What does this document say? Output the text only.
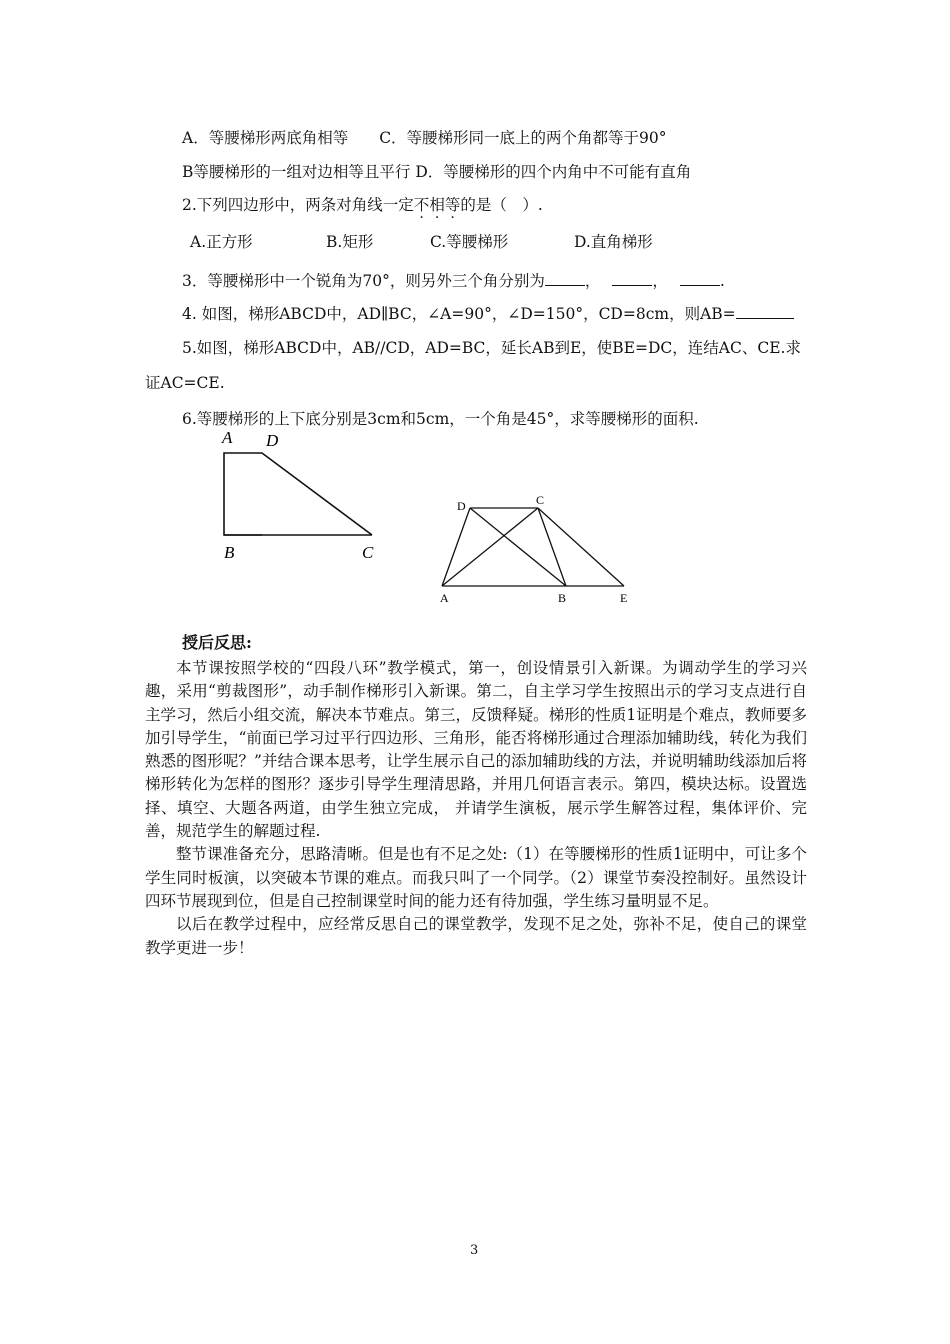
A．等腰梯形两底角相等　　C．等腰梯形同一底上的两个角都等于90°
B等腰梯形的一组对边相等且平行 D．等腰梯形的四个内角中不可能有直角
2.下列四边形中，两条对角线一定不相等的是（　）.
A.正方形	B.矩形	C.等腰梯形	D.直角梯形
3．等腰梯形中一个锐角为70°，则另外三个角分别为	，	，	.
4. 如图，梯形ABCD中，AD∥BC，∠A=90°，∠D=150°，CD=8cm，则AB=
5.如图，梯形ABCD中，AB//CD，AD=BC，延长AB到E，使BE=DC，连结AC、CE.求
证AC=CE.
6.等腰梯形的上下底分别是3cm和5cm，一个角是45°，求等腰梯形的面积.
A D
B	C
D	C
A	B	E
授后反思:

本节课按照学校的“四段八环”教学模式，第一，创设情景引入新课。为调动学生的学习兴趣，采用“剪裁图形”，动手制作梯形引入新课。第二，自主学习学生按照出示的学习支点进行自主学习，然后小组交流，解决本节难点。第三，反馈释疑。梯形的性质1证明是个难点，教师要多加引导学生，“前面已学习过平行四边形、三角形，能否将梯形通过合理添加辅助线，转化为我们熟悉的图形呢？”并结合课本思考，让学生展示自己的添加辅助线的方法，并说明辅助线添加后将梯形转化为怎样的图形？逐步引导学生理清思路，并用几何语言表示。第四，模块达标。设置选择、填空、大题各两道，由学生独立完成， 并请学生演板，展示学生解答过程，集体评价、完善，规范学生的解题过程.

整节课准备充分，思路清晰。但是也有不足之处:（1）在等腰梯形的性质1证明中，可让多个学生同时板演，以突破本节课的难点。而我只叫了一个同学。（2）课堂节奏没控制好。虽然设计四环节展现到位，但是自己控制课堂时间的能力还有待加强，学生练习量明显不足。

以后在教学过程中，应经常反思自己的课堂教学，发现不足之处，弥补不足，使自己的课堂教学更进一步！

3
